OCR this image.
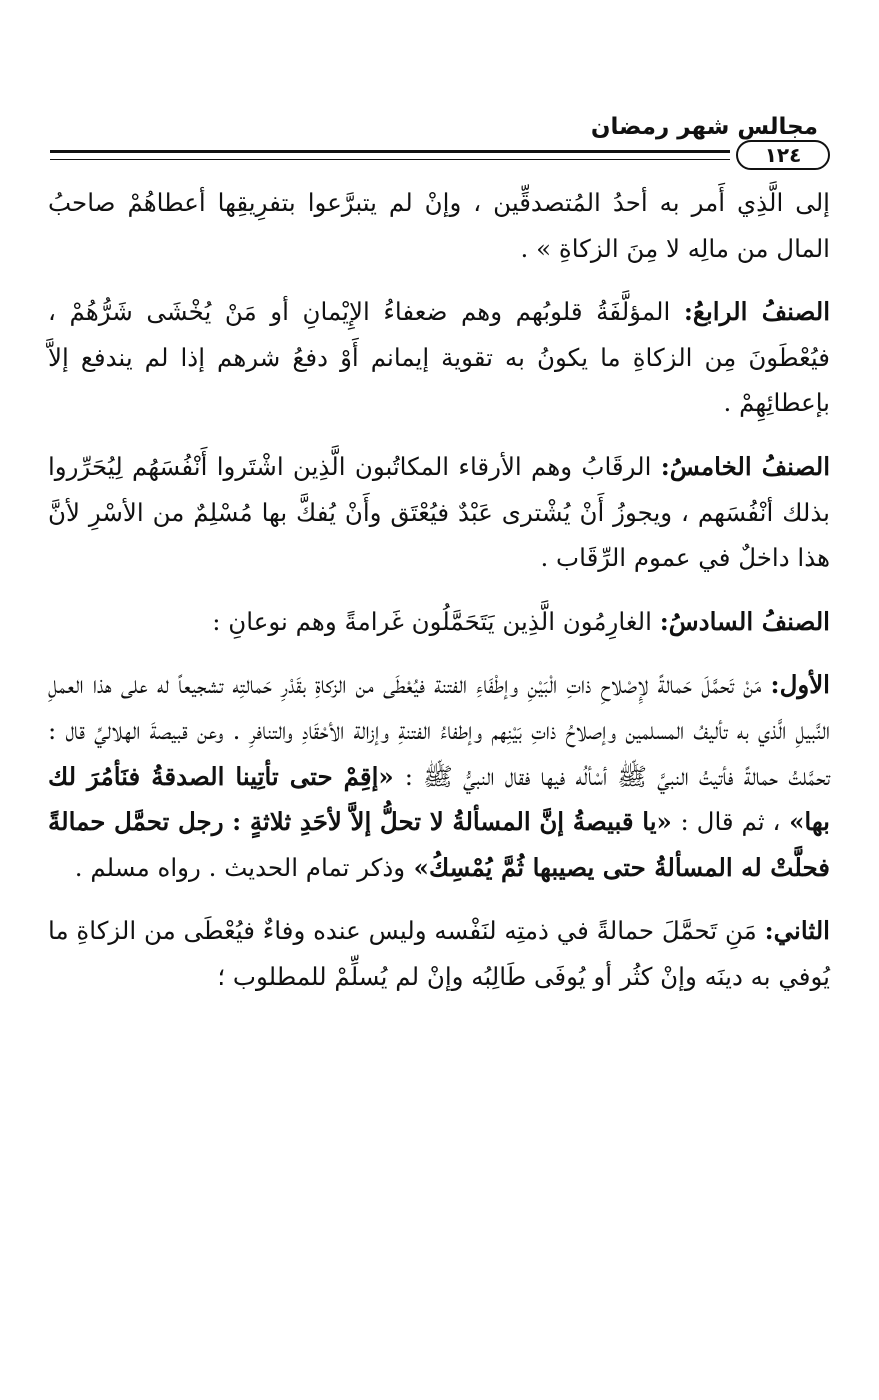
مجالس شهر رمضان
١٢٤

إلى الَّذِي أَمر به أحدُ المُتصدقِّين ، وإنْ لم يتبرَّعوا بتفرِيقِها أعطاهُمْ صاحبُ المال من مالِه لا مِنَ الزكاةِ » .

الصنفُ الرابعُ: المؤلَّفَةُ قلوبُهم وهم ضعفاءُ الإِيْمانِ أو مَنْ يُخْشَى شَرُّهُمْ ، فيُعْطَونَ مِن الزكاةِ ما يكونُ به تقوية إيمانم أَوْ دفعُ شرهم إذا لم يندفع إلاَّ بإعطائِهِمْ .

الصنفُ الخامسُ: الرقَابُ وهم الأرقاء المكاتُبون الَّذِين اشْتَروا أَنْفُسَهُم لِيُحَرِّروا بذلك أنْفُسَهم ، ويجوزُ أَنْ يُشْترى عَبْدٌ فيُعْتَق وأَنْ يُفكَّ بها مُسْلِمٌ من الأسْرِ لأنَّ هذا داخلٌ في عموم الرِّقَاب .

الصنفُ السادسُ: الغارِمُون الَّذِين يَتَحَمَّلُون غَرامةً وهم نوعانِ :

الأول: مَنْ تَحمَّلَ حَمالةً لإِصْلاحِ ذاتِ الْبَيْنِ وإطْفَاءِ الفتنة فيُعْطَى من الزكاةِ بقَدْرِ حَمالتِه تشجيعاً له على هذا العملِ النَّبيلِ الَّذي به تأليفُ المسلمين وإصلاحُ ذاتِ بَيْنِهم وإطفاءُ الفتنةِ وإزالة الأحْقَادِ والتنافرِ . وعن قبيصةَ الهلاليِّ قال : تحمَّلتُ حمالةً فأتيتُ النبيَّ ﷺ أسْألُه فيها فقال النبيُّ ﷺ : «إقِمْ حتى تأتِينا الصدقةُ فنَأمُرَ لك بها» ، ثم قال : «يا قبيصةُ إنَّ المسألةُ لا تحلُّ إلاَّ لأحَدِ ثلاثةٍ : رجل تحمَّل حمالةً فحلَّتْ له المسألةُ حتى يصيبها ثُمَّ يُمْسِكُ» وذكر تمام الحديث . رواه مسلم .

الثاني: مَنِ تَحمَّلَ حمالةً في ذمتِه لنَفْسه وليس عنده وفاءٌ فيُعْطَى من الزكاةِ ما يُوفي به دينَه وإنْ كثُر أو يُوفَى طَالِبُه وإنْ لم يُسلِّمْ للمطلوب ؛
